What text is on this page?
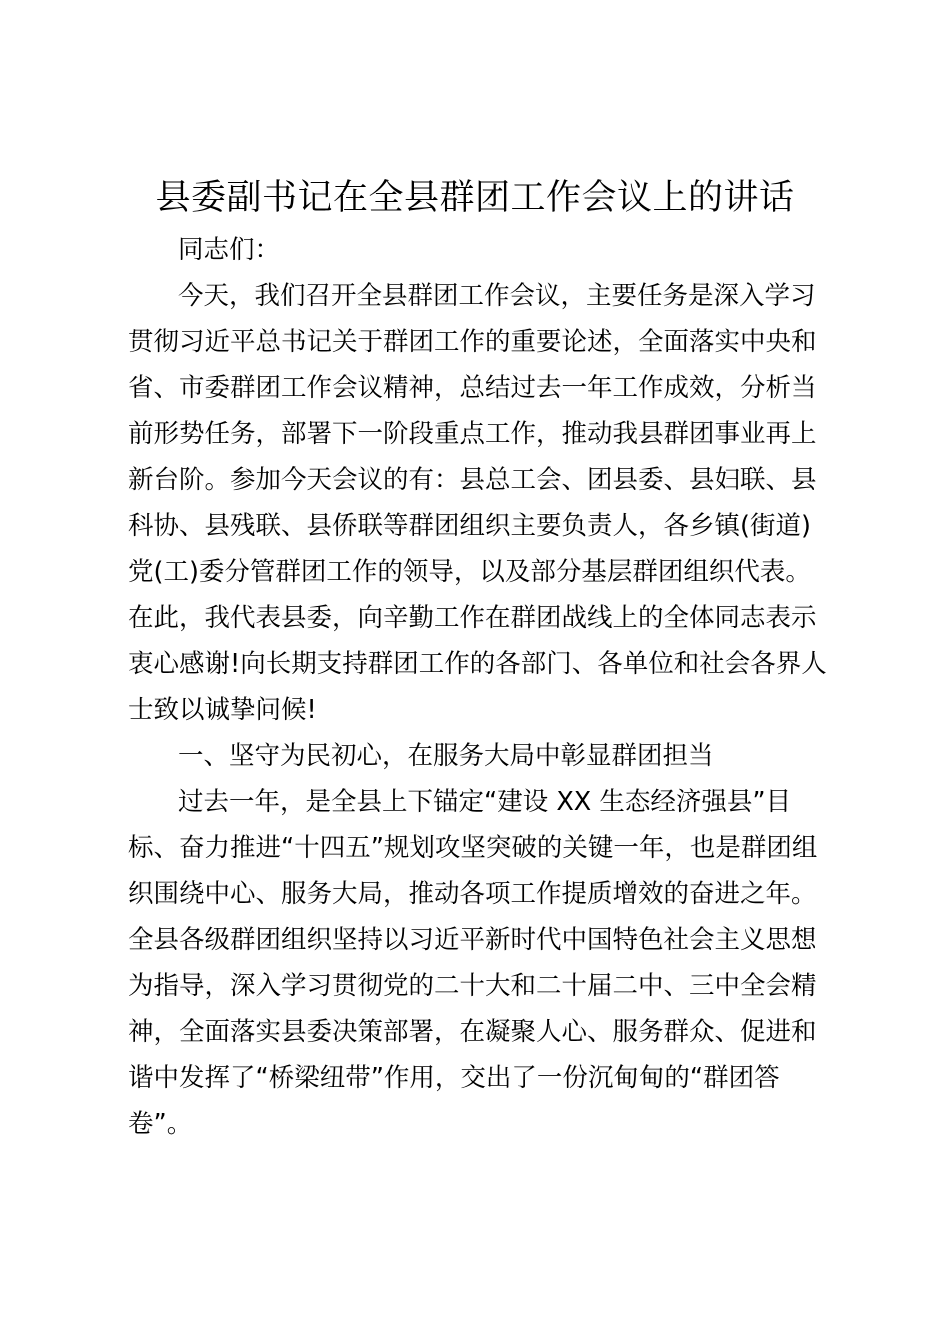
县委副书记在全县群团工作会议上的讲话
同志们：
今天，我们召开全县群团工作会议，主要任务是深入学习
贯彻习近平总书记关于群团工作的重要论述，全面落实中央和
省、市委群团工作会议精神，总结过去一年工作成效，分析当
前形势任务，部署下一阶段重点工作，推动我县群团事业再上
新台阶。参加今天会议的有：县总工会、团县委、县妇联、县
科协、县残联、县侨联等群团组织主要负责人，各乡镇(街道)
党(工)委分管群团工作的领导，以及部分基层群团组织代表。
在此，我代表县委，向辛勤工作在群团战线上的全体同志表示
衷心感谢!向长期支持群团工作的各部门、各单位和社会各界人
士致以诚挚问候!
一、坚守为民初心，在服务大局中彰显群团担当
过去一年，是全县上下锚定“建设 XX 生态经济强县”目
标、奋力推进“十四五”规划攻坚突破的关键一年，也是群团组
织围绕中心、服务大局，推动各项工作提质增效的奋进之年。
全县各级群团组织坚持以习近平新时代中国特色社会主义思想
为指导，深入学习贯彻党的二十大和二十届二中、三中全会精
神，全面落实县委决策部署，在凝聚人心、服务群众、促进和
谐中发挥了“桥梁纽带”作用，交出了一份沉甸甸的“群团答
卷”。
